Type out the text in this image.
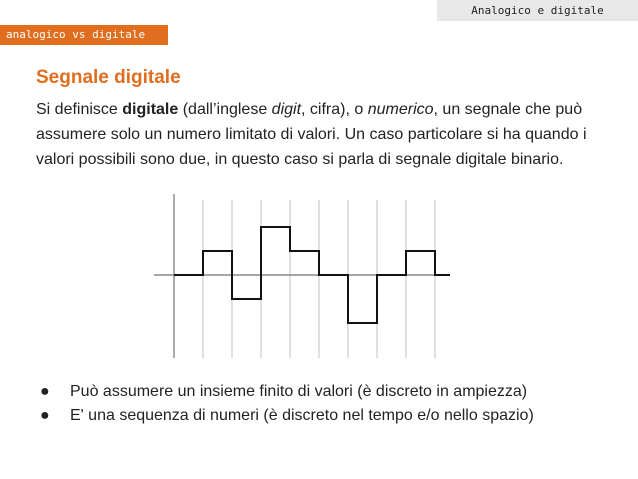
Analogico e digitale
analogico vs digitale
Segnale digitale

Si definisce digitale (dall’inglese digit, cifra), o numerico, un segnale che può assumere solo un numero limitato di valori. Un caso particolare si ha quando i valori possibili sono due, in questo caso si parla di segnale digitale binario.

● Può assumere un insieme finito di valori (è discreto in ampiezza)
● E' una sequenza di numeri (è discreto nel tempo e/o nello spazio)
